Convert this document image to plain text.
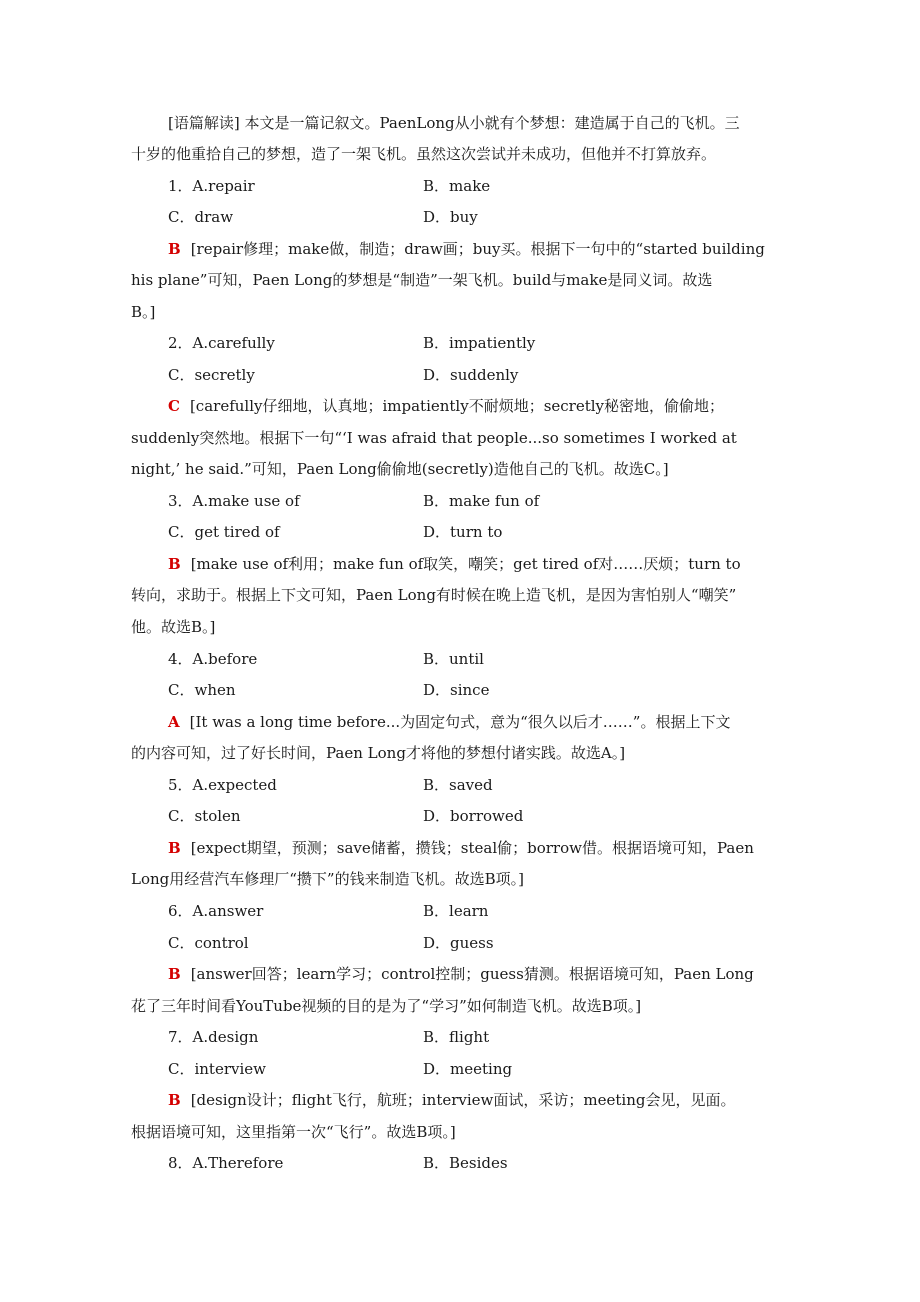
[语篇解读] 本文是一篇记叙文。PaenLong从小就有个梦想：建造属于自己的飞机。三
十岁的他重拾自己的梦想，造了一架飞机。虽然这次尝试并未成功，但他并不打算放弃。
1．A.repair	B．make
C．draw	D．buy
B [repair修理；make做，制造；draw画；buy买。根据下一句中的“started building
his plane”可知，Paen Long的梦想是“制造”一架飞机。build与make是同义词。故选
B。]
2．A.carefully	B．impatiently
C．secretly	D．suddenly
C [carefully仔细地，认真地；impatiently不耐烦地；secretly秘密地，偷偷地；
suddenly突然地。根据下一句“‘I was afraid that people...so sometimes I worked at
night,’ he said.”可知，Paen Long偷偷地(secretly)造他自己的飞机。故选C。]
3．A.make use of	B．make fun of
C．get tired of	D．turn to
B [make use of利用；make fun of取笑，嘲笑；get tired of对……厌烦；turn to
转向，求助于。根据上下文可知，Paen Long有时候在晚上造飞机，是因为害怕别人“嘲笑”
他。故选B。]
4．A.before	B．until
C．when	D．since
A [It was a long time before...为固定句式，意为“很久以后才……”。根据上下文
的内容可知，过了好长时间，Paen Long才将他的梦想付诸实践。故选A。]
5．A.expected	B．saved
C．stolen	D．borrowed
B [expect期望，预测；save储蓄，攒钱；steal偷；borrow借。根据语境可知，Paen
Long用经营汽车修理厂“攒下”的钱来制造飞机。故选B项。]
6．A.answer	B．learn
C．control	D．guess
B [answer回答；learn学习；control控制；guess猜测。根据语境可知，Paen Long
花了三年时间看YouTube视频的目的是为了“学习”如何制造飞机。故选B项。]
7．A.design	B．flight
C．interview	D．meeting
B [design设计；flight飞行，航班；interview面试，采访；meeting会见，见面。
根据语境可知，这里指第一次“飞行”。故选B项。]
8．A.Therefore	B．Besides
